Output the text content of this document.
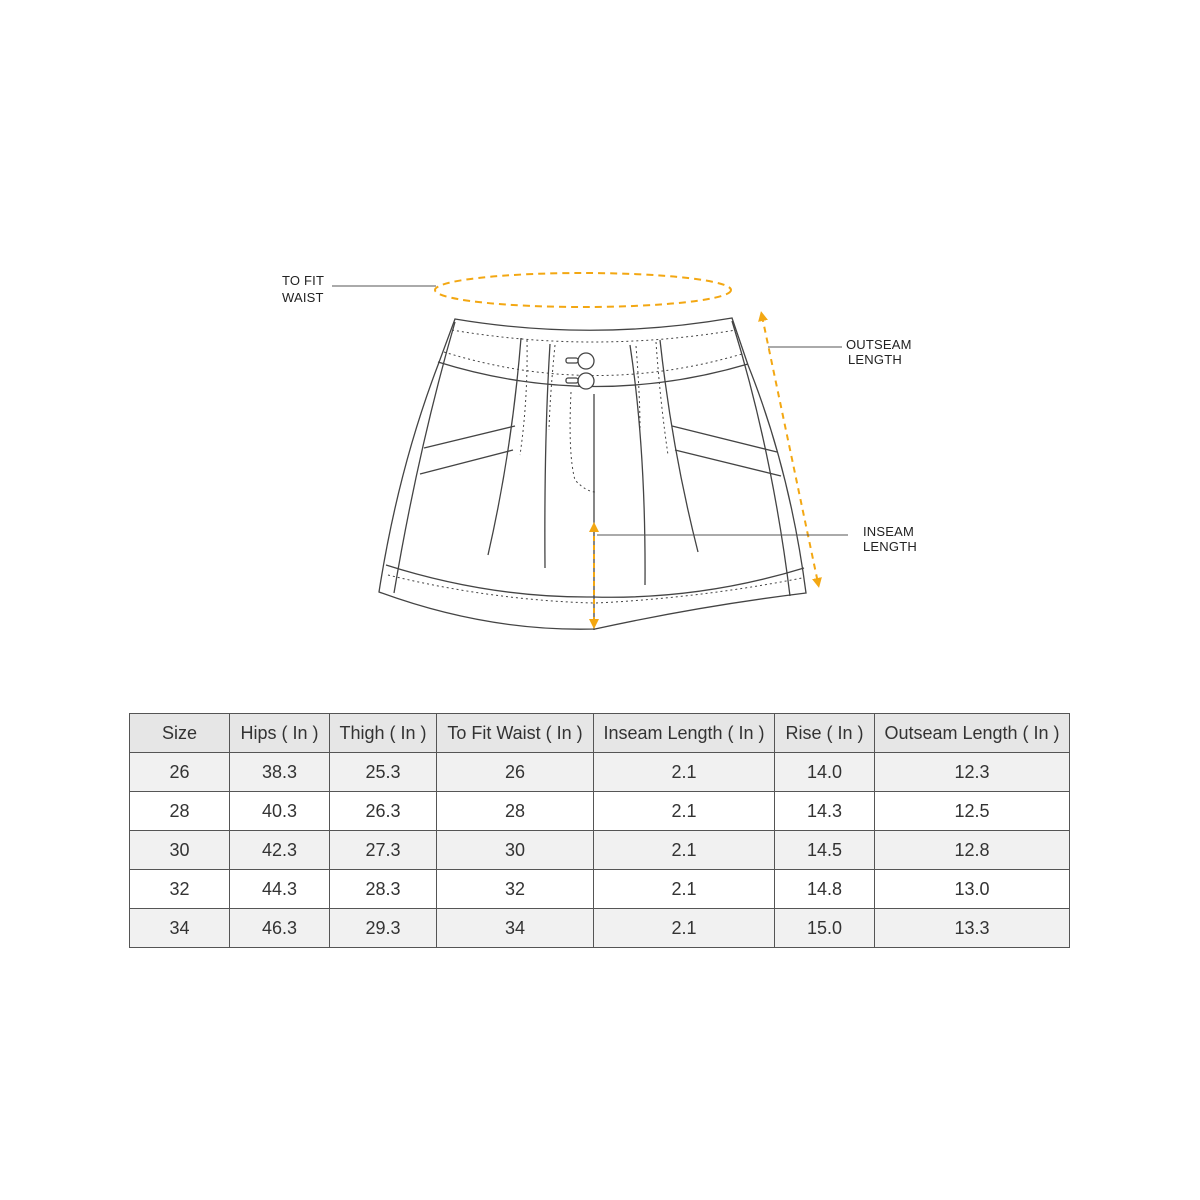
TO FIT
WAIST
OUTSEAM
LENGTH
INSEAM
LENGTH
Size	Hips ( In )	Thigh ( In )	To Fit Waist ( In )	Inseam Length ( In )	Rise ( In )	Outseam Length ( In )
26	38.3	25.3	26	2.1	14.0	12.3
28	40.3	26.3	28	2.1	14.3	12.5
30	42.3	27.3	30	2.1	14.5	12.8
32	44.3	28.3	32	2.1	14.8	13.0
34	46.3	29.3	34	2.1	15.0	13.3
